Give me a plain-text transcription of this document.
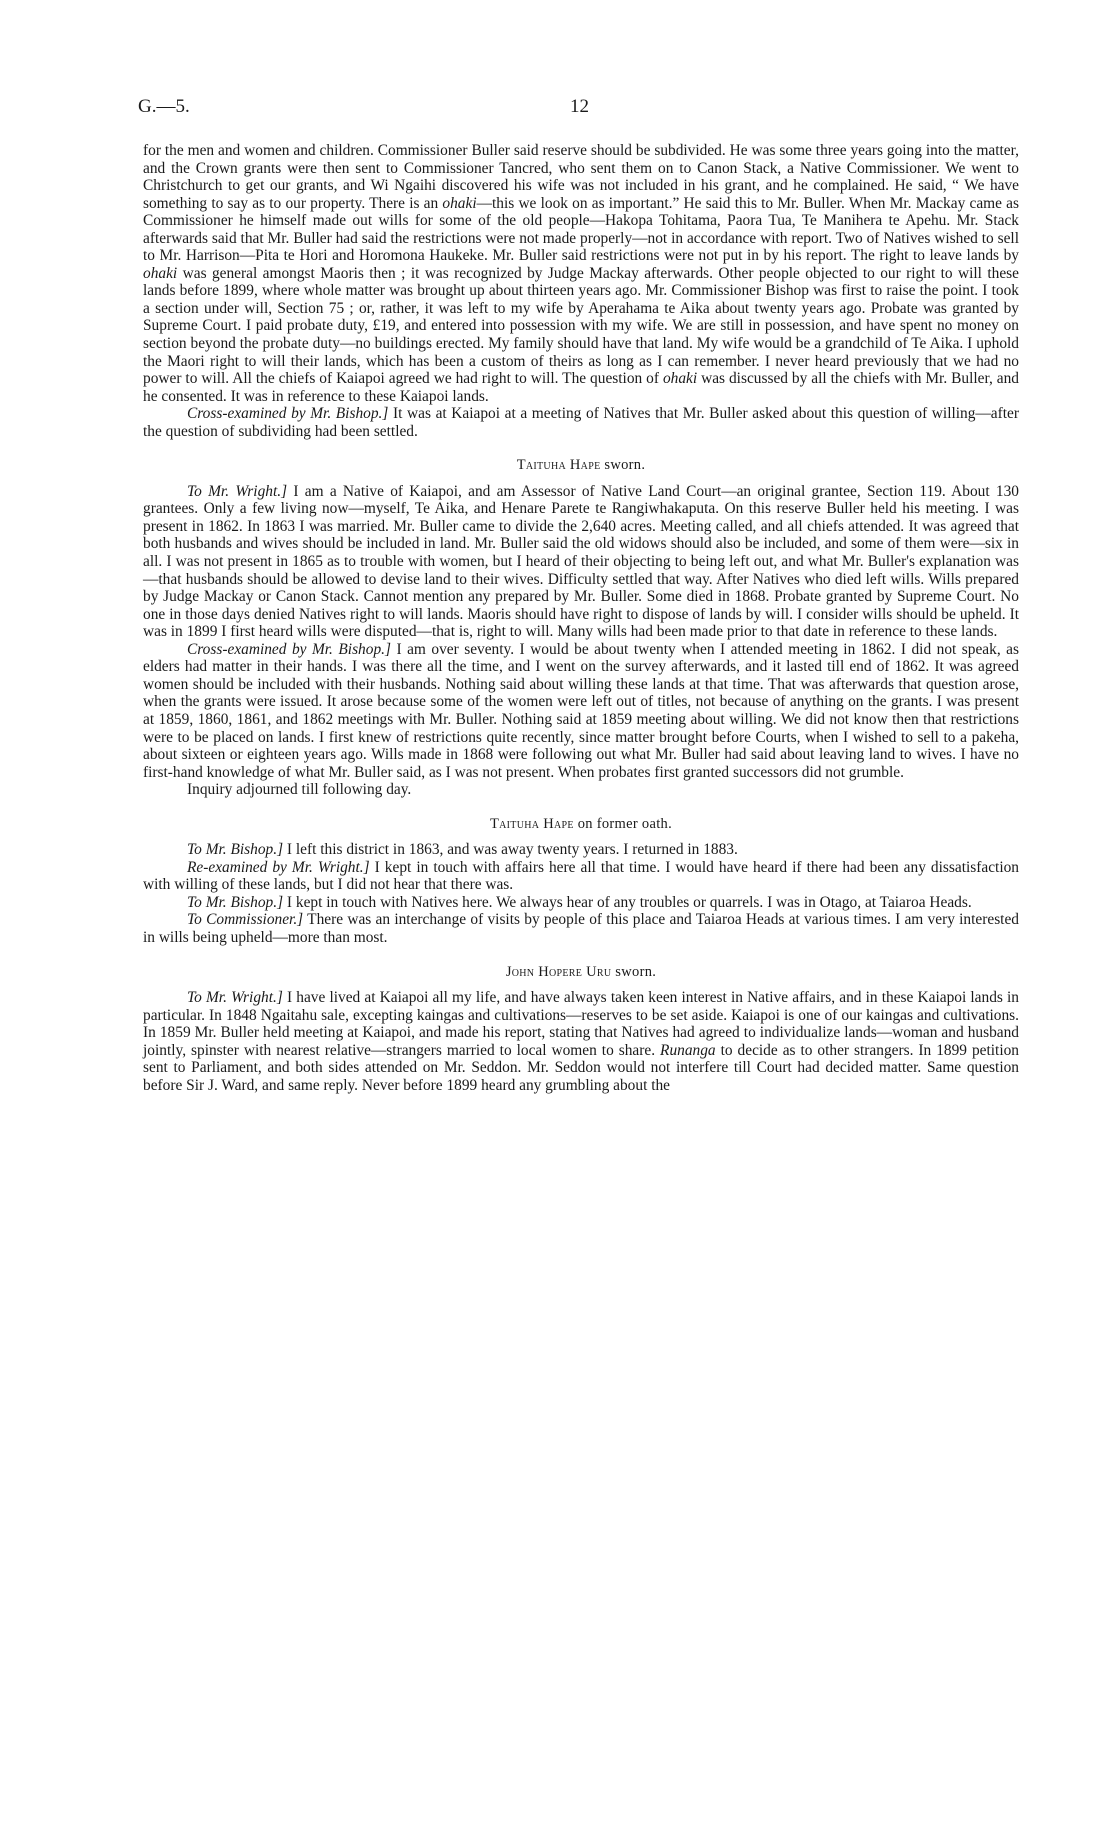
G.—5.	12

for the men and women and children. Commissioner Buller said reserve should be subdivided. He was some three years going into the matter, and the Crown grants were then sent to Commissioner Tancred, who sent them on to Canon Stack, a Native Commissioner. We went to Christchurch to get our grants, and Wi Ngaihi discovered his wife was not included in his grant, and he complained. He said, “ We have something to say as to our property. There is an ohaki—this we look on as important.” He said this to Mr. Buller. When Mr. Mackay came as Commissioner he himself made out wills for some of the old people—Hakopa Tohitama, Paora Tua, Te Manihera te Apehu. Mr. Stack afterwards said that Mr. Buller had said the restrictions were not made properly—not in accordance with report. Two of Natives wished to sell to Mr. Harrison—Pita te Hori and Horomona Haukeke. Mr. Buller said restrictions were not put in by his report. The right to leave lands by ohaki was general amongst Maoris then ; it was recognized by Judge Mackay afterwards. Other people objected to our right to will these lands before 1899, where whole matter was brought up about thirteen years ago. Mr. Commissioner Bishop was first to raise the point. I took a section under will, Section 75 ; or, rather, it was left to my wife by Aperahama te Aika about twenty years ago. Probate was granted by Supreme Court. I paid probate duty, £19, and entered into possession with my wife. We are still in possession, and have spent no money on section beyond the probate duty—no buildings erected. My family should have that land. My wife would be a grandchild of Te Aika. I uphold the Maori right to will their lands, which has been a custom of theirs as long as I can remember. I never heard previously that we had no power to will. All the chiefs of Kaiapoi agreed we had right to will. The question of ohaki was discussed by all the chiefs with Mr. Buller, and he consented. It was in reference to these Kaiapoi lands.

Cross-examined by Mr. Bishop.] It was at Kaiapoi at a meeting of Natives that Mr. Buller asked about this question of willing—after the question of subdividing had been settled.

Taituha Hape sworn.

To Mr. Wright.] I am a Native of Kaiapoi, and am Assessor of Native Land Court—an original grantee, Section 119. About 130 grantees. Only a few living now—myself, Te Aika, and Henare Parete te Rangiwhakaputa. On this reserve Buller held his meeting. I was present in 1862. In 1863 I was married. Mr. Buller came to divide the 2,640 acres. Meeting called, and all chiefs attended. It was agreed that both husbands and wives should be included in land. Mr. Buller said the old widows should also be included, and some of them were—six in all. I was not present in 1865 as to trouble with women, but I heard of their objecting to being left out, and what Mr. Buller's explanation was—that husbands should be allowed to devise land to their wives. Difficulty settled that way. After Natives who died left wills. Wills prepared by Judge Mackay or Canon Stack. Cannot mention any prepared by Mr. Buller. Some died in 1868. Probate granted by Supreme Court. No one in those days denied Natives right to will lands. Maoris should have right to dispose of lands by will. I consider wills should be upheld. It was in 1899 I first heard wills were disputed—that is, right to will. Many wills had been made prior to that date in reference to these lands.

Cross-examined by Mr. Bishop.] I am over seventy. I would be about twenty when I attended meeting in 1862. I did not speak, as elders had matter in their hands. I was there all the time, and I went on the survey afterwards, and it lasted till end of 1862. It was agreed women should be included with their husbands. Nothing said about willing these lands at that time. That was afterwards that question arose, when the grants were issued. It arose because some of the women were left out of titles, not because of anything on the grants. I was present at 1859, 1860, 1861, and 1862 meetings with Mr. Buller. Nothing said at 1859 meeting about willing. We did not know then that restrictions were to be placed on lands. I first knew of restrictions quite recently, since matter brought before Courts, when I wished to sell to a pakeha, about sixteen or eighteen years ago. Wills made in 1868 were following out what Mr. Buller had said about leaving land to wives. I have no first-hand knowledge of what Mr. Buller said, as I was not present. When probates first granted successors did not grumble.

Inquiry adjourned till following day.

Taituha Hape on former oath.

To Mr. Bishop.] I left this district in 1863, and was away twenty years. I returned in 1883.

Re-examined by Mr. Wright.] I kept in touch with affairs here all that time. I would have heard if there had been any dissatisfaction with willing of these lands, but I did not hear that there was.

To Mr. Bishop.] I kept in touch with Natives here. We always hear of any troubles or quarrels. I was in Otago, at Taiaroa Heads.

To Commissioner.] There was an interchange of visits by people of this place and Taiaroa Heads at various times. I am very interested in wills being upheld—more than most.

John Hopere Uru sworn.

To Mr. Wright.] I have lived at Kaiapoi all my life, and have always taken keen interest in Native affairs, and in these Kaiapoi lands in particular. In 1848 Ngaitahu sale, excepting kaingas and cultivations—reserves to be set aside. Kaiapoi is one of our kaingas and cultivations. In 1859 Mr. Buller held meeting at Kaiapoi, and made his report, stating that Natives had agreed to individualize lands—woman and husband jointly, spinster with nearest relative—strangers married to local women to share. Runanga to decide as to other strangers. In 1899 petition sent to Parliament, and both sides attended on Mr. Seddon. Mr. Seddon would not interfere till Court had decided matter. Same question before Sir J. Ward, and same reply. Never before 1899 heard any grumbling about the
